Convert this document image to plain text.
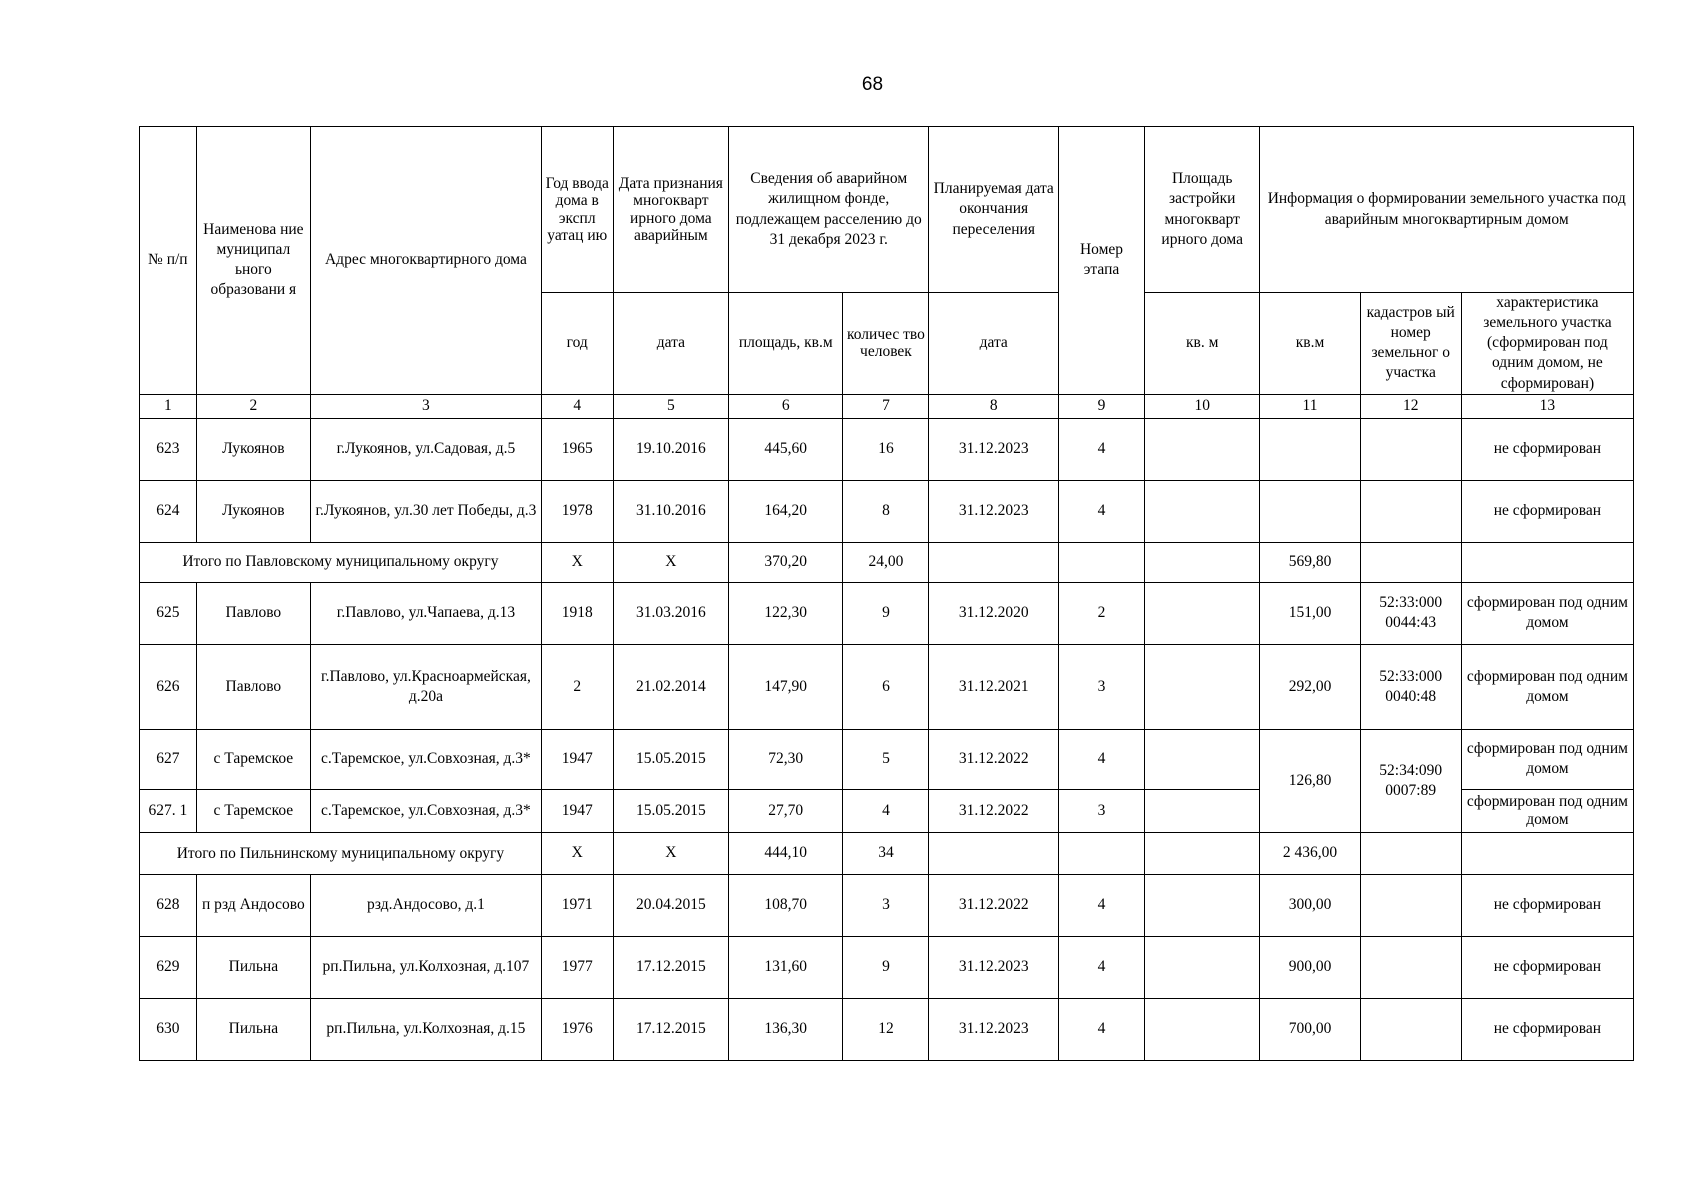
68
№ п/п	Наименова ние муниципал ьного образовани я	Адрес многоквартирного дома	Год ввода дома в экспл уатац ию	Дата признания многокварт ирного дома аварийным	Сведения об аварийном жилищном фонде, подлежащем расселению до 31 декабря 2023 г.		Планируемая дата окончания переселения	Номер этапа	Площадь застройки многокварт ирного дома	Информация о формировании земельного участка под аварийным многоквартирным домом		
			год	дата	площадь, кв.м	количес тво человек	дата		кв. м	кв.м	кадастров ый номер земельног о участка	характеристика земельного участка (сформирован под одним домом, не сформирован)
1	2	3	4	5	6	7	8	9	10	11	12	13
623	Лукоянов	г.Лукоянов, ул.Садовая, д.5	1965	19.10.2016	445,60	16	31.12.2023	4				не сформирован
624	Лукоянов	г.Лукоянов, ул.30 лет Победы, д.3	1978	31.10.2016	164,20	8	31.12.2023	4				не сформирован
Итого по Павловскому муниципальному округу			X	X	370,20	24,00				569,80		
625	Павлово	г.Павлово, ул.Чапаева, д.13	1918	31.03.2016	122,30	9	31.12.2020	2		151,00	52:33:000 0044:43	сформирован под одним домом
626	Павлово	г.Павлово, ул.Красноармейская, д.20а	2	21.02.2014	147,90	6	31.12.2021	3		292,00	52:33:000 0040:48	сформирован под одним домом
627	с Таремское	с.Таремское, ул.Совхозная, д.3*	1947	15.05.2015	72,30	5	31.12.2022	4		126,80	52:34:090 0007:89	сформирован под одним домом
627. 1	с Таремское	с.Таремское, ул.Совхозная, д.3*	1947	15.05.2015	27,70	4	31.12.2022	3				сформирован под одним домом
Итого по Пильнинскому муниципальному округу			X	X	444,10	34				2 436,00		
628	п рзд Андосово	рзд.Андосово, д.1	1971	20.04.2015	108,70	3	31.12.2022	4		300,00		не сформирован
629	Пильна	рп.Пильна, ул.Колхозная, д.107	1977	17.12.2015	131,60	9	31.12.2023	4		900,00		не сформирован
630	Пильна	рп.Пильна, ул.Колхозная, д.15	1976	17.12.2015	136,30	12	31.12.2023	4		700,00		не сформирован
